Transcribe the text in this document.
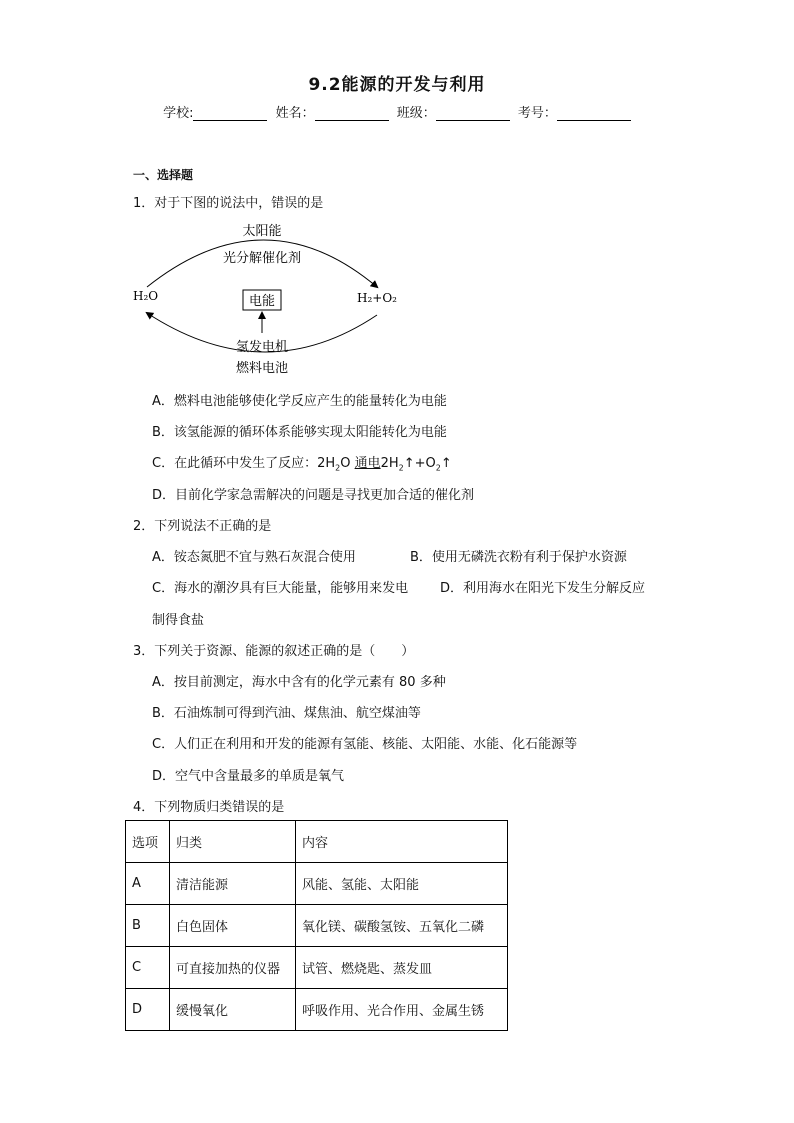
9.2能源的开发与利用
学校:	姓名：	班级：	考号：
一、选择题
1．对于下图的说法中，错误的是
太阳能
光分解催化剂
H₂O	H₂+O₂
电能
氢发电机
燃料电池
A．燃料电池能够使化学反应产生的能量转化为电能
B．该氢能源的循环体系能够实现太阳能转化为电能
C．在此循环中发生了反应：$2H_2O$ 通电$2H_2↑+O_2↑$
D．目前化学家急需解决的问题是寻找更加合适的催化剂
2．下列说法不正确的是
A．铵态氮肥不宜与熟石灰混合使用	B．使用无磷洗衣粉有利于保护水资源
C．海水的潮汐具有巨大能量，能够用来发电 D．利用海水在阳光下发生分解反应
制得食盐
3．下列关于资源、能源的叙述正确的是（　　）
A．按目前测定，海水中含有的化学元素有 80 多种
B．石油炼制可得到汽油、煤焦油、航空煤油等
C．人们正在利用和开发的能源有氢能、核能、太阳能、水能、化石能源等
D．空气中含量最多的单质是氧气
4．下列物质归类错误的是
选项	归类	内容
A	清洁能源	风能、氢能、太阳能
B	白色固体	氧化镁、碳酸氢铵、五氧化二磷
C	可直接加热的仪器	试管、燃烧匙、蒸发皿
D	缓慢氧化	呼吸作用、光合作用、金属生锈
